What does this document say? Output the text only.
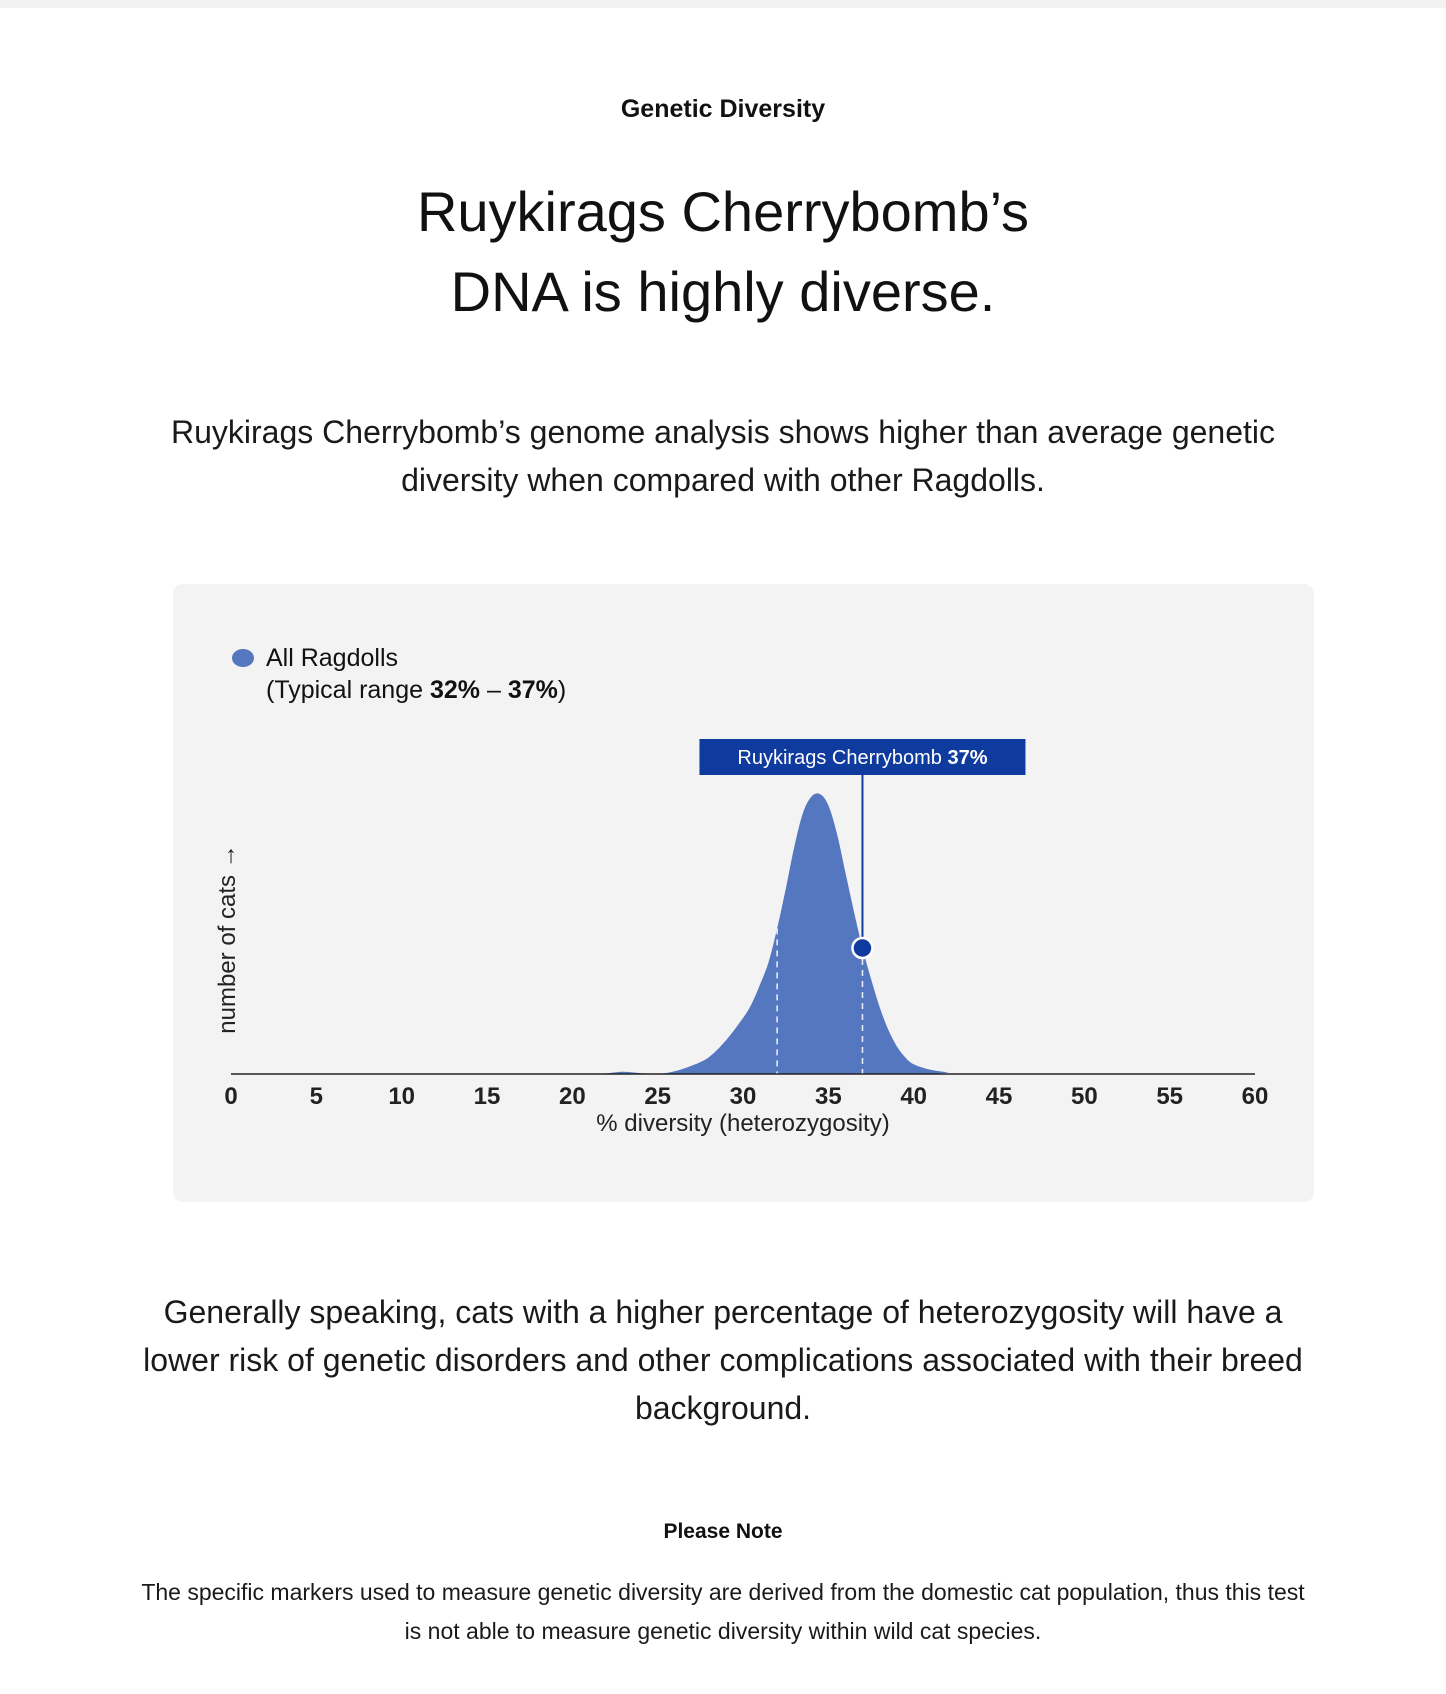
Genetic Diversity
Ruykirags Cherrybomb’s
DNA is highly diverse.
Ruykirags Cherrybomb’s genome analysis shows higher than average genetic diversity when compared with other Ragdolls.
0	5	10 15 20 25 30 35 40 45 50 55 60
Ruykirags Cherrybomb 37%
All Ragdolls
(Typical range 32% – 37%)
% diversity (heterozygosity)
number of cats →
Generally speaking, cats with a higher percentage of heterozygosity will have a lower risk of genetic disorders and other complications associated with their breed background.
Please Note
The specific markers used to measure genetic diversity are derived from the domestic cat population, thus this test is not able to measure genetic diversity within wild cat species.
